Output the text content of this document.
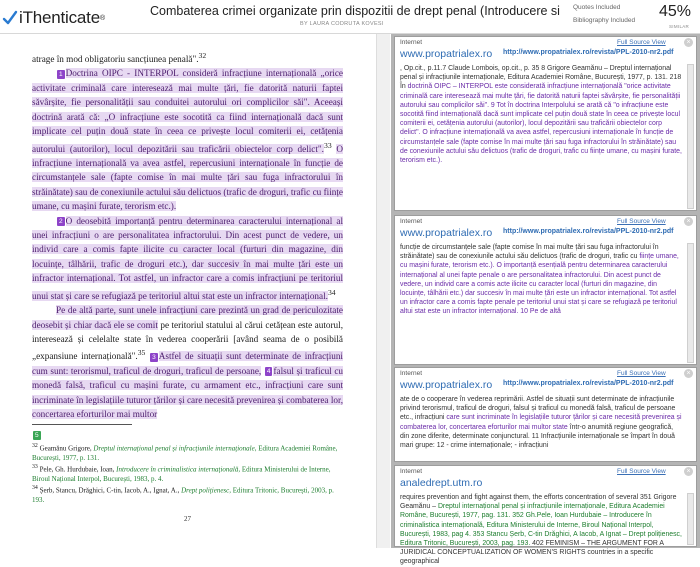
iThenticate ®	Combaterea crimei organizate prin dispozitii de drept penal (Introducere si
BY LAURA CODRUTA KOVESI
Quotes Included
Bibliography Included
45%
SIMILAR

atrage în mod obligatoriu sancțiunea penală".$^{32}$

1 Doctrina OIPC - INTERPOL consideră infracțiune internațională „orice activitate criminală care interesează mai multe țări, fie datorită naturii faptei săvârșite, fie personalității sau conduitei autorului ori complicilor săi". Aceeași doctrină arată că: „O infracțiune este socotită ca fiind internațională dacă sunt implicate cel puțin două state în ceea ce privește locul comiterii ei, cetățenia autorului (autorilor), locul depozitării sau traficării obiectelor corp delict".$^{33}$ O infracțiune internațională va avea astfel, repercusiuni internaționale în funcție de circumstanțele sale (fapte comise în mai multe țări sau fuga infractorului în străinătate) sau de conexiunile actului său delictuos (trafic de droguri, trafic cu ființe umane, cu mașini furate, terorism etc.).

2 O deosebită importanță pentru determinarea caracterului internațional al unei infracțiuni o are personalitatea infractorului. Din acest punct de vedere, un individ care a comis fapte ilicite cu caracter local (furturi din magazine, din locuințe, tâlhării, trafic de droguri etc.), dar succesiv în mai multe țări este un infractor internațional. Tot astfel, un infractor care a comis infracțiuni pe teritoriul unui stat și care se refugiază pe teritoriul altui stat este un infractor internațional.$^{34}$

Pe de altă parte, sunt unele infracțiuni care prezintă un grad de periculozitate deosebit și chiar dacă ele se comit pe teritoriul statului al cărui cetățean este autorul, interesează și celelalte state în vederea cooperării [având seama de o posibilă „expansiune internațională".$^{35}$ 3 Astfel de situații sunt determinate de infracțiuni cum sunt: terorismul, traficul de droguri, traficul de persoane, 4 falsul și traficul cu monedă falsă, traficul cu mașini furate, cu armament etc., infracțiuni care sunt incriminate în legislațiile tuturor țărilor și care necesită prevenirea și combaterea lor, concertarea eforturilor mai multor

5
$^{32}$ Geamănu Grigore, Dreptul internațional penal și infracțiunile internaționale, Editura Academiei Române, București, 1977, p. 131.
$^{33}$ Pele, Gh. Hurdubaie, Ioan, Introducere în criminalistica internațională, Editura Ministerului de Interne, Biroul Național Interpol, București, 1983, p. 4.
$^{34}$ Șerb, Stancu, Drăghici, C-tin, Iacob, A., Ignat, A., Drept polițienesc, Editura Tritonic, București, 2003, p. 193.
27
Internet	Full Source View	×
www.propatrialex.ro http://www.propatrialex.ro/revista/PPL-2010-nr2.pdf
, Op.cit., p.11.7 Claude Lombois, op.cit., p. 35 8 Grigore Geamănu – Dreptul internațional penal și infracțiunile internaționale, Editura Academiei Române, București, 1977, p. 131. 218 În doctrină OIPC – INTERPOL este considerată infracțiune internațională "orice activitate criminală care interesează mai multe țări, fie datorită naturii faptei săvârșite, fie personalității autorului sau complicilor săi". 9 Tot în doctrina Interpolului se arată că "o infracțiune este socotită fiind internațională dacă sunt implicate cel puțin două state în ceea ce privește locul comiterii ei, cetățenia autorului (autorilor), locul depozitării sau traficării obiectelor corp delict". O infracțiune internațională va avea astfel, repercusiuni internaționale în funcție de circumstanțele sale (fapte comise în mai multe țări sau fuga infractorului în străinătate) sau de conexiunile actului său delictuos (trafic de droguri, trafic cu ființe umane, cu mașini furate, terorism etc.).
Internet	Full Source View	×
www.propatrialex.ro http://www.propatrialex.ro/revista/PPL-2010-nr2.pdf
funcție de circumstanțele sale (fapte comise în mai multe țări sau fuga infractorului în străinătate) sau de conexiunile actului său delictuos (trafic de droguri, trafic cu ființe umane, cu mașini furate, terorism etc.). O importanță esențială pentru determinarea caracterului internațional al unei fapte penale o are personalitatea infractorului. Din acest punct de vedere, un individ care a comis acte ilicite cu caracter local (furturi din magazine, din locuințe, tâlhării etc.) dar succesiv în mai multe țări este un infractor internațional. Tot astfel un infractor care a comis fapte penale pe teritoriul unui stat și care se refugiază pe teritoriul altui stat este un infractor internațional. 10 Pe de altă
Internet	Full Source View	×
www.propatrialex.ro http://www.propatrialex.ro/revista/PPL-2010-nr2.pdf
ate de o cooperare în vederea reprimării. Astfel de situații sunt determinate de infracțiunile privind terorismul, traficul de droguri, falsul și traficul cu monedă falsă, traficul de persoane etc., infracțiuni care sunt incriminate în legislațiile tuturor țărilor și care necesită prevenirea și combaterea lor, concertarea eforturilor mai multor state într-o anumită regiune geografică, din zone diferite, determinate conjunctural. 11 Infracțiunile internaționale se împart în două mari grupe: 12 - crime internaționale; - infracțiuni
Internet	Full Source View	×
analedrept.utm.ro
requires prevention and fight against them, the efforts concentration of several 351 Grigore Geamănu – Dreptul internațional penal și infracțiunile internaționale, Editura Academiei Române, București, 1977, pag. 131. 352 Gh.Pele, Ioan Hurdubaie – Introducere în criminalistica internațională, Editura Ministerului de Interne, Biroul Național Interpol, București, 1983, pag 4. 353 Stancu Șerb, C-tin Drăghici, A Iacob, A Ignat – Drept polițienesc, Editura Tritonic, București, 2003, pag. 193. 402 FEMINISM – THE ARGUMENT FOR A JURIDICAL CONCEPTUALIZATION OF WOMEN'S RIGHTS countries in a specific geographical
